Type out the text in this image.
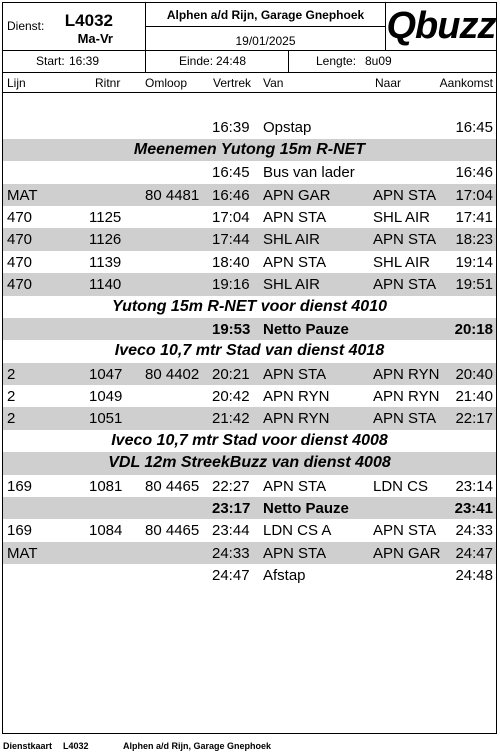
Dienst: L4032
Ma-Vr
Alphen a/d Rijn, Garage Gnephoek
19/01/2025	Qbuzz
Start: 16:39	Einde: 24:48	Lengte: 8u09
Lijn	Ritnr Omloop Vertrek Van	Naar	Aankomst
16:39 Opstap	16:45
Meenemen Yutong 15m R-NET
16:45 Bus van lader	16:46
MAT	80 4481 16:46 APN GAR	APN STA 17:04
470	1125	17:04 APN STA	SHL AIR 17:41
470	1126	17:44 SHL AIR	APN STA 18:23
470	1139	18:40 APN STA	SHL AIR 19:14
470	1140	19:16 SHL AIR	APN STA 19:51
Yutong 15m R-NET voor dienst 4010
19:53 Netto Pauze	20:18
Iveco 10,7 mtr Stad van dienst 4018
2	1047 80 4402 20:21 APN STA	APN RYN 20:40
2	1049	20:42 APN RYN	APN RYN 21:40
2	1051	21:42 APN RYN	APN STA 22:17
Iveco 10,7 mtr Stad voor dienst 4008
VDL 12m StreekBuzz van dienst 4008
169	1081 80 4465 22:27 APN STA	LDN CS 23:14
23:17 Netto Pauze	23:41
169	1084 80 4465 23:44 LDN CS A	APN STA 24:33
MAT	24:33 APN STA	APN GAR 24:47
24:47 Afstap	24:48
Dienstkaart L4032	Alphen a/d Rijn, Garage Gnephoek
